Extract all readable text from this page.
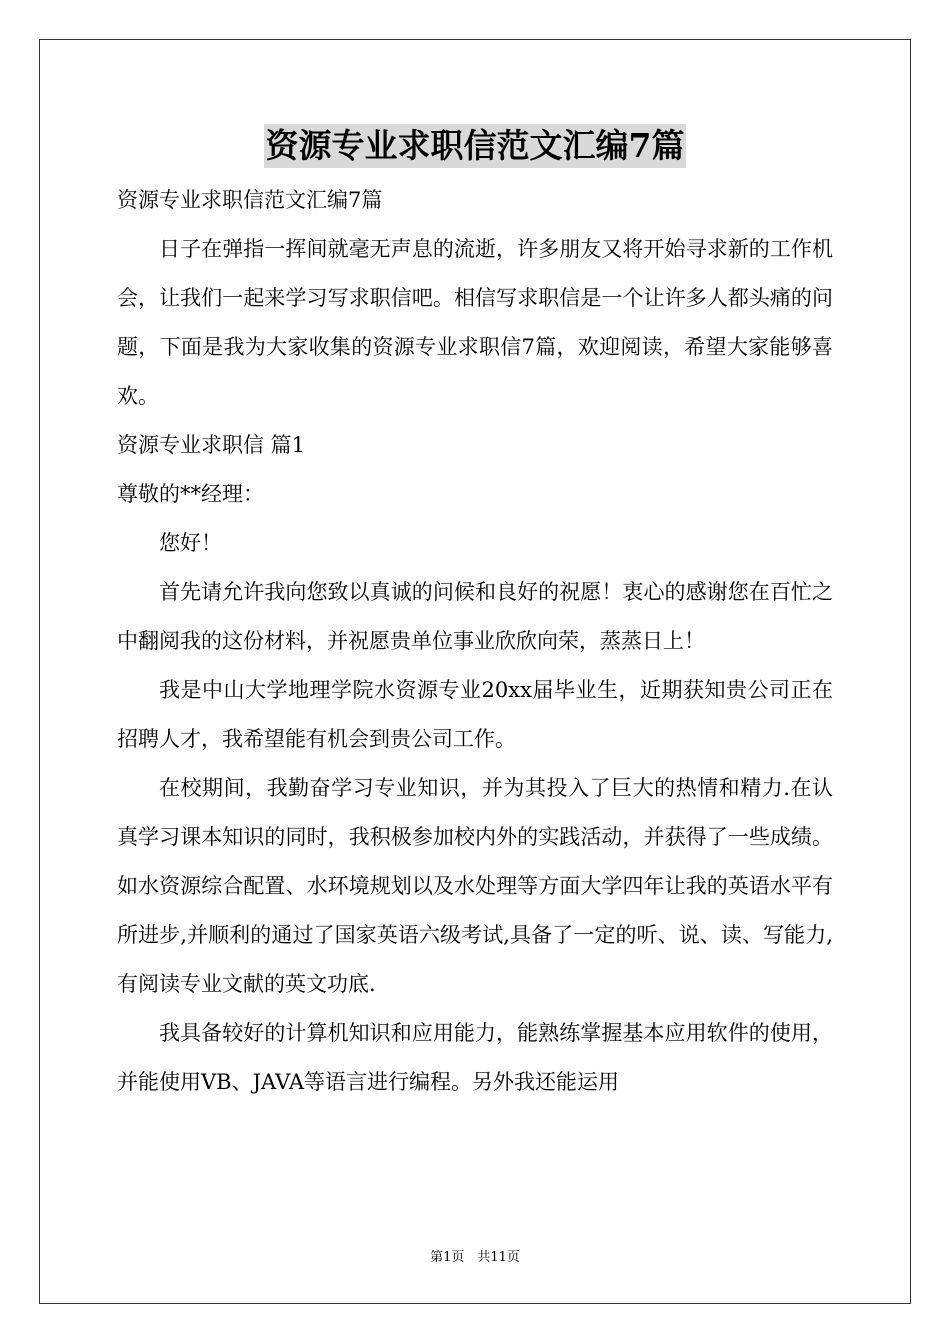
资源专业求职信范文汇编7篇
资源专业求职信范文汇编7篇
日子在弹指一挥间就毫无声息的流逝，许多朋友又将开始寻求新的工作机会，让我们一起来学习写求职信吧。相信写求职信是一个让许多人都头痛的问题，下面是我为大家收集的资源专业求职信7篇，欢迎阅读，希望大家能够喜欢。
资源专业求职信 篇1
尊敬的**经理：
您好！
首先请允许我向您致以真诚的问候和良好的祝愿！衷心的感谢您在百忙之中翻阅我的这份材料，并祝愿贵单位事业欣欣向荣，蒸蒸日上！
我是中山大学地理学院水资源专业20xx届毕业生，近期获知贵公司正在招聘人才，我希望能有机会到贵公司工作。
在校期间，我勤奋学习专业知识，并为其投入了巨大的热情和精力.在认真学习课本知识的同时，我积极参加校内外的实践活动，并获得了一些成绩。如水资源综合配置、水环境规划以及水处理等方面大学四年让我的英语水平有所进步,并顺利的通过了国家英语六级考试,具备了一定的听、说、读、写能力,有阅读专业文献的英文功底.
我具备较好的计算机知识和应用能力，能熟练掌握基本应用软件的使用，并能使用VB、JAVA等语言进行编程。另外我还能运用
第1页　共11页
